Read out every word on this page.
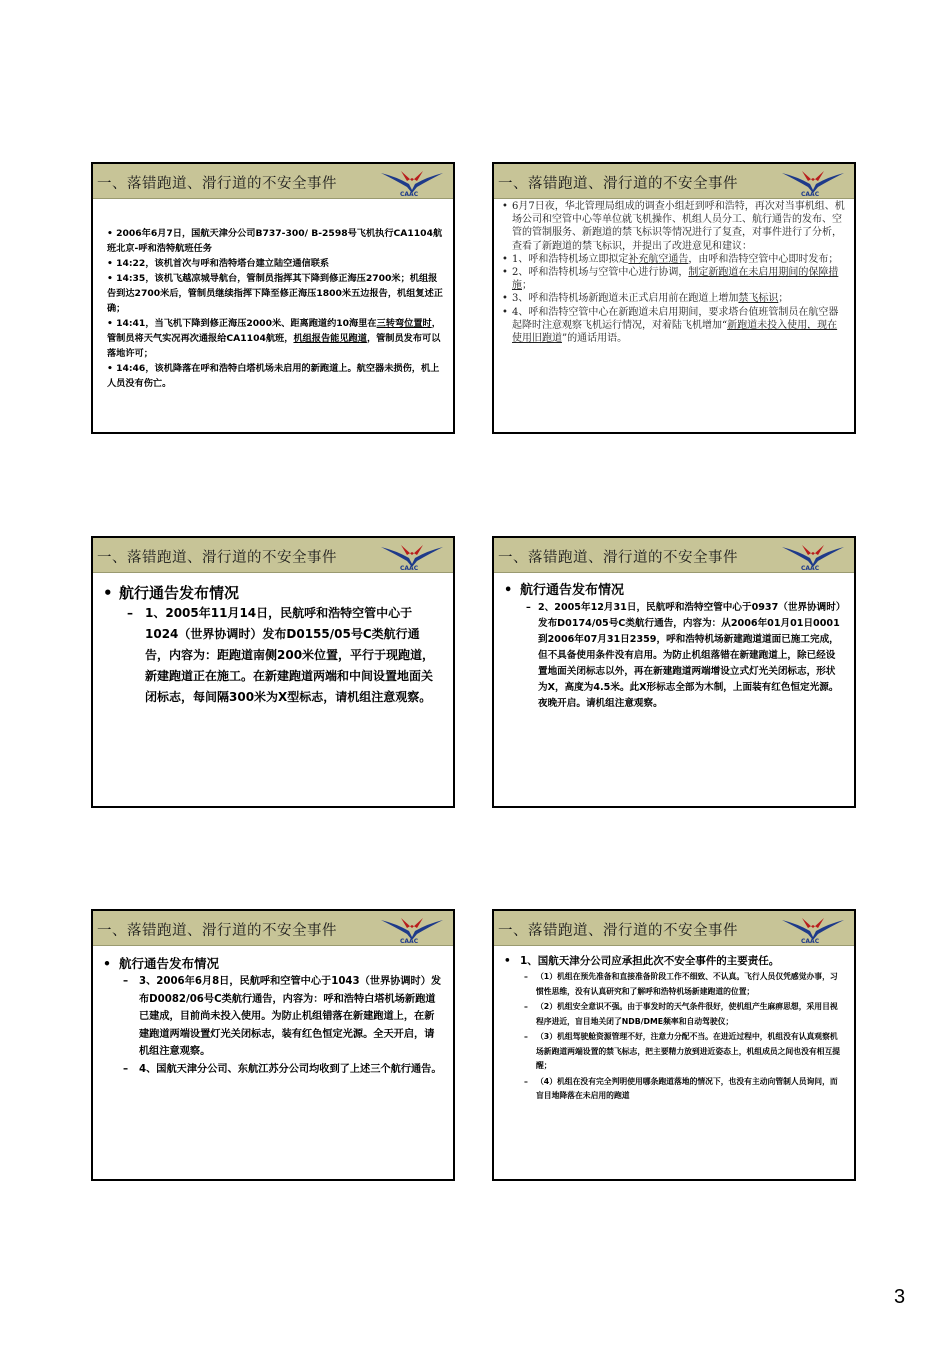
一、落错跑道、滑行道的不安全事件
CAAC
• 2006年6月7日，国航天津分公司B737-300/ B-2598号飞机执行CA1104航班北京-呼和浩特航班任务
• 14:22，该机首次与呼和浩特塔台建立陆空通信联系
• 14:35，该机飞越凉城导航台，管制员指挥其下降到修正海压2700米；机组报告到达2700米后，管制员继续指挥下降至修正海压1800米五边报告，机组复述正确；
• 14:41，当飞机下降到修正海压2000米、距离跑道约10海里在三转弯位置时，管制员将天气实况再次通报给CA1104航班，机组报告能见跑道，管制员发布可以落地许可；
• 14:46，该机降落在呼和浩特白塔机场未启用的新跑道上。航空器未损伤，机上人员没有伤亡。
一、落错跑道、滑行道的不安全事件
CAAC
• 6月7日夜，华北管理局组成的调查小组赶到呼和浩特，再次对当事机组、机场公司和空管中心等单位就飞机操作、机组人员分工、航行通告的发布、空管的管制服务、新跑道的禁飞标识等情况进行了复查，对事件进行了分析，查看了新跑道的禁飞标识，并提出了改进意见和建议：
• 1、呼和浩特机场立即拟定补充航空通告，由呼和浩特空管中心即时发布；
• 2、呼和浩特机场与空管中心进行协调，制定新跑道在未启用期间的保障措施；
• 3、呼和浩特机场新跑道未正式启用前在跑道上增加禁飞标识；
• 4、呼和浩特空管中心在新跑道未启用期间，要求塔台值班管制员在航空器起降时注意观察飞机运行情况，对着陆飞机增加“新跑道未投入使用，现在使用旧跑道”的通话用语。
一、落错跑道、滑行道的不安全事件
CAAC
• 航行通告发布情况
– 1、2005年11月14日，民航呼和浩特空管中心于1024（世界协调时）发布D0155/05号C类航行通告，内容为：距跑道南侧200米位置，平行于现跑道，新建跑道正在施工。在新建跑道两端和中间设置地面关闭标志，每间隔300米为X型标志，请机组注意观察。
一、落错跑道、滑行道的不安全事件
CAAC
• 航行通告发布情况
– 2、2005年12月31日，民航呼和浩特空管中心于0937（世界协调时）发布D0174/05号C类航行通告，内容为：从2006年01月01日0001到2006年07月31日2359，呼和浩特机场新建跑道道面已施工完成，但不具备使用条件没有启用。为防止机组落错在新建跑道上，除已经设置地面关闭标志以外，再在新建跑道两端增设立式灯光关闭标志，形状为X，高度为4.5米。此X形标志全部为木制，上面装有红色恒定光源。夜晚开启。请机组注意观察。
一、落错跑道、滑行道的不安全事件
CAAC
• 航行通告发布情况
– 3、2006年6月8日，民航呼和空管中心于1043（世界协调时）发布D0082/06号C类航行通告，内容为：呼和浩特白塔机场新跑道已建成，目前尚未投入使用。为防止机组错落在新建跑道上，在新建跑道两端设置灯光关闭标志，装有红色恒定光源。全天开启，请机组注意观察。
– 4、国航天津分公司、东航江苏分公司均收到了上述三个航行通告。
一、落错跑道、滑行道的不安全事件
CAAC
• 1、国航天津分公司应承担此次不安全事件的主要责任。
– （1）机组在预先准备和直接准备阶段工作不细致、不认真。飞行人员仅凭感觉办事，习惯性思维，没有认真研究和了解呼和浩特机场新建跑道的位置；
– （2）机组安全意识不强。由于事发时的天气条件很好，使机组产生麻痹思想，采用目视程序进近，盲目地关闭了NDB/DME频率和自动驾驶仪；
– （3）机组驾驶舱资源管理不好，注意力分配不当。在进近过程中，机组没有认真观察机场新跑道两端设置的禁飞标志，把主要精力放到进近姿态上，机组成员之间也没有相互提醒；
– （4）机组在没有完全判明使用哪条跑道落地的情况下，也没有主动向管制人员询问，而盲目地降落在未启用的跑道
3
